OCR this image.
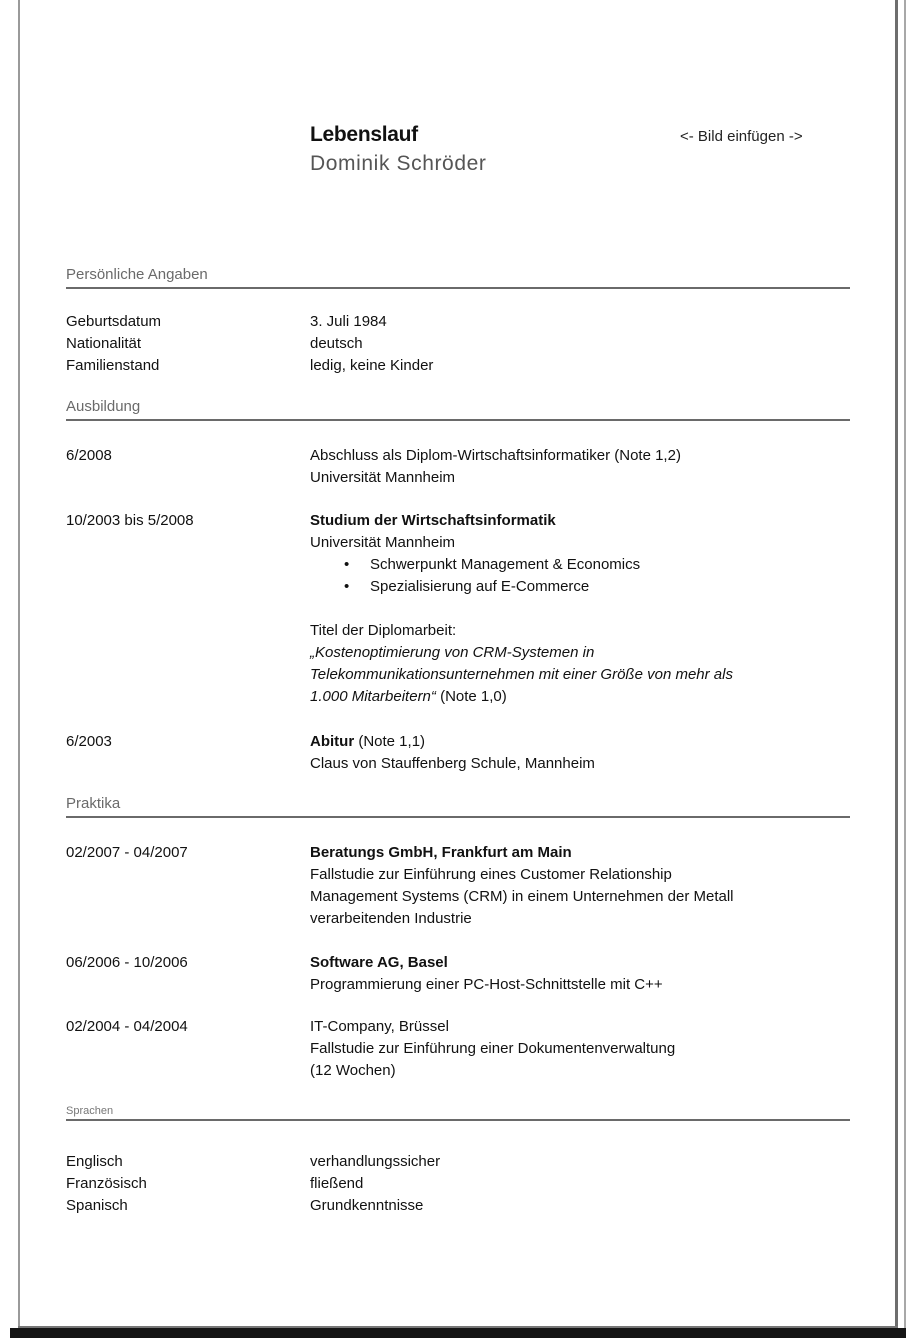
Lebenslauf
Dominik Schröder
<- Bild einfügen ->
Persönliche Angaben
Geburtsdatum	3. Juli 1984
Nationalität	deutsch
Familienstand	ledig, keine Kinder
Ausbildung
6/2008	Abschluss als Diplom-Wirtschaftsinformatiker (Note 1,2)
Universität Mannheim
10/2003 bis 5/2008	Studium der Wirtschaftsinformatik
Universität Mannheim
• Schwerpunkt Management & Economics
• Spezialisierung auf E-Commerce
Titel der Diplomarbeit:
„Kostenoptimierung von CRM-Systemen in
Telekommunikationsunternehmen mit einer Größe von mehr als
1.000 Mitarbeitern“ (Note 1,0)
6/2003	Abitur (Note 1,1)
Claus von Stauffenberg Schule, Mannheim
Praktika
02/2007 - 04/2007	Beratungs GmbH, Frankfurt am Main
Fallstudie zur Einführung eines Customer Relationship
Management Systems (CRM) in einem Unternehmen der Metall
verarbeitenden Industrie
06/2006 - 10/2006	Software AG, Basel
Programmierung einer PC-Host-Schnittstelle mit C++
02/2004 - 04/2004	IT-Company, Brüssel
Fallstudie zur Einführung einer Dokumentenverwaltung
(12 Wochen)
Sprachen
Englisch	verhandlungssicher
Französisch	fließend
Spanisch	Grundkenntnisse
